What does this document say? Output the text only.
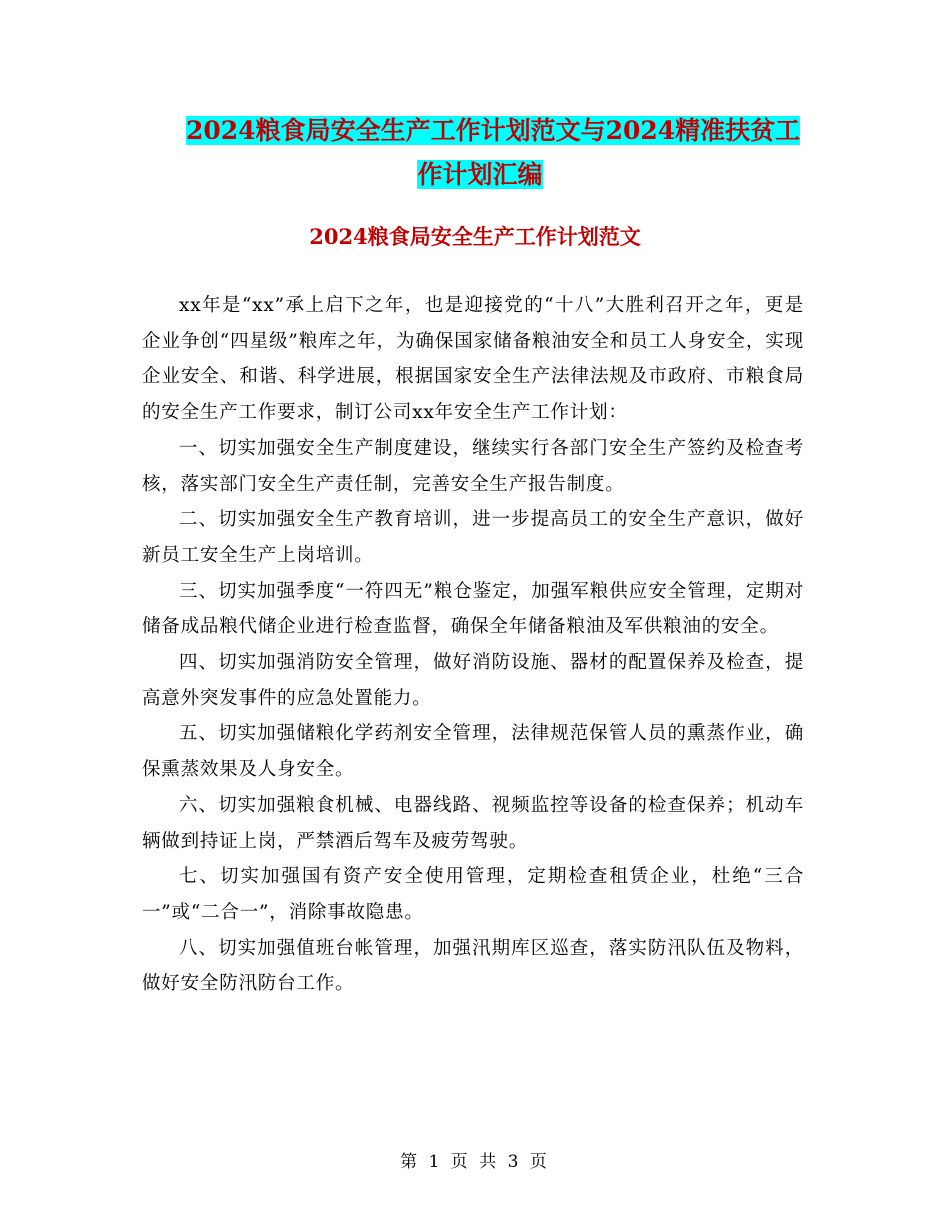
2024粮食局安全生产工作计划范文与2024精准扶贫工
作计划汇编
2024粮食局安全生产工作计划范文

xx年是“xx”承上启下之年，也是迎接党的“十八”大胜利召开之年，更是企业争创“四星级”粮库之年，为确保国家储备粮油安全和员工人身安全，实现企业安全、和谐、科学进展，根据国家安全生产法律法规及市政府、市粮食局的安全生产工作要求，制订公司xx年安全生产工作计划：

一、切实加强安全生产制度建设，继续实行各部门安全生产签约及检查考核，落实部门安全生产责任制，完善安全生产报告制度。

二、切实加强安全生产教育培训，进一步提高员工的安全生产意识，做好新员工安全生产上岗培训。

三、切实加强季度“一符四无”粮仓鉴定，加强军粮供应安全管理，定期对储备成品粮代储企业进行检查监督，确保全年储备粮油及军供粮油的安全。

四、切实加强消防安全管理，做好消防设施、器材的配置保养及检查，提高意外突发事件的应急处置能力。

五、切实加强储粮化学药剂安全管理，法律规范保管人员的熏蒸作业，确保熏蒸效果及人身安全。

六、切实加强粮食机械、电器线路、视频监控等设备的检查保养；机动车辆做到持证上岗，严禁酒后驾车及疲劳驾驶。

七、切实加强国有资产安全使用管理，定期检查租赁企业，杜绝“三合一”或“二合一”，消除事故隐患。

八、切实加强值班台帐管理，加强汛期库区巡查，落实防汛队伍及物料，做好安全防汛防台工作。

第 1 页 共 3 页
